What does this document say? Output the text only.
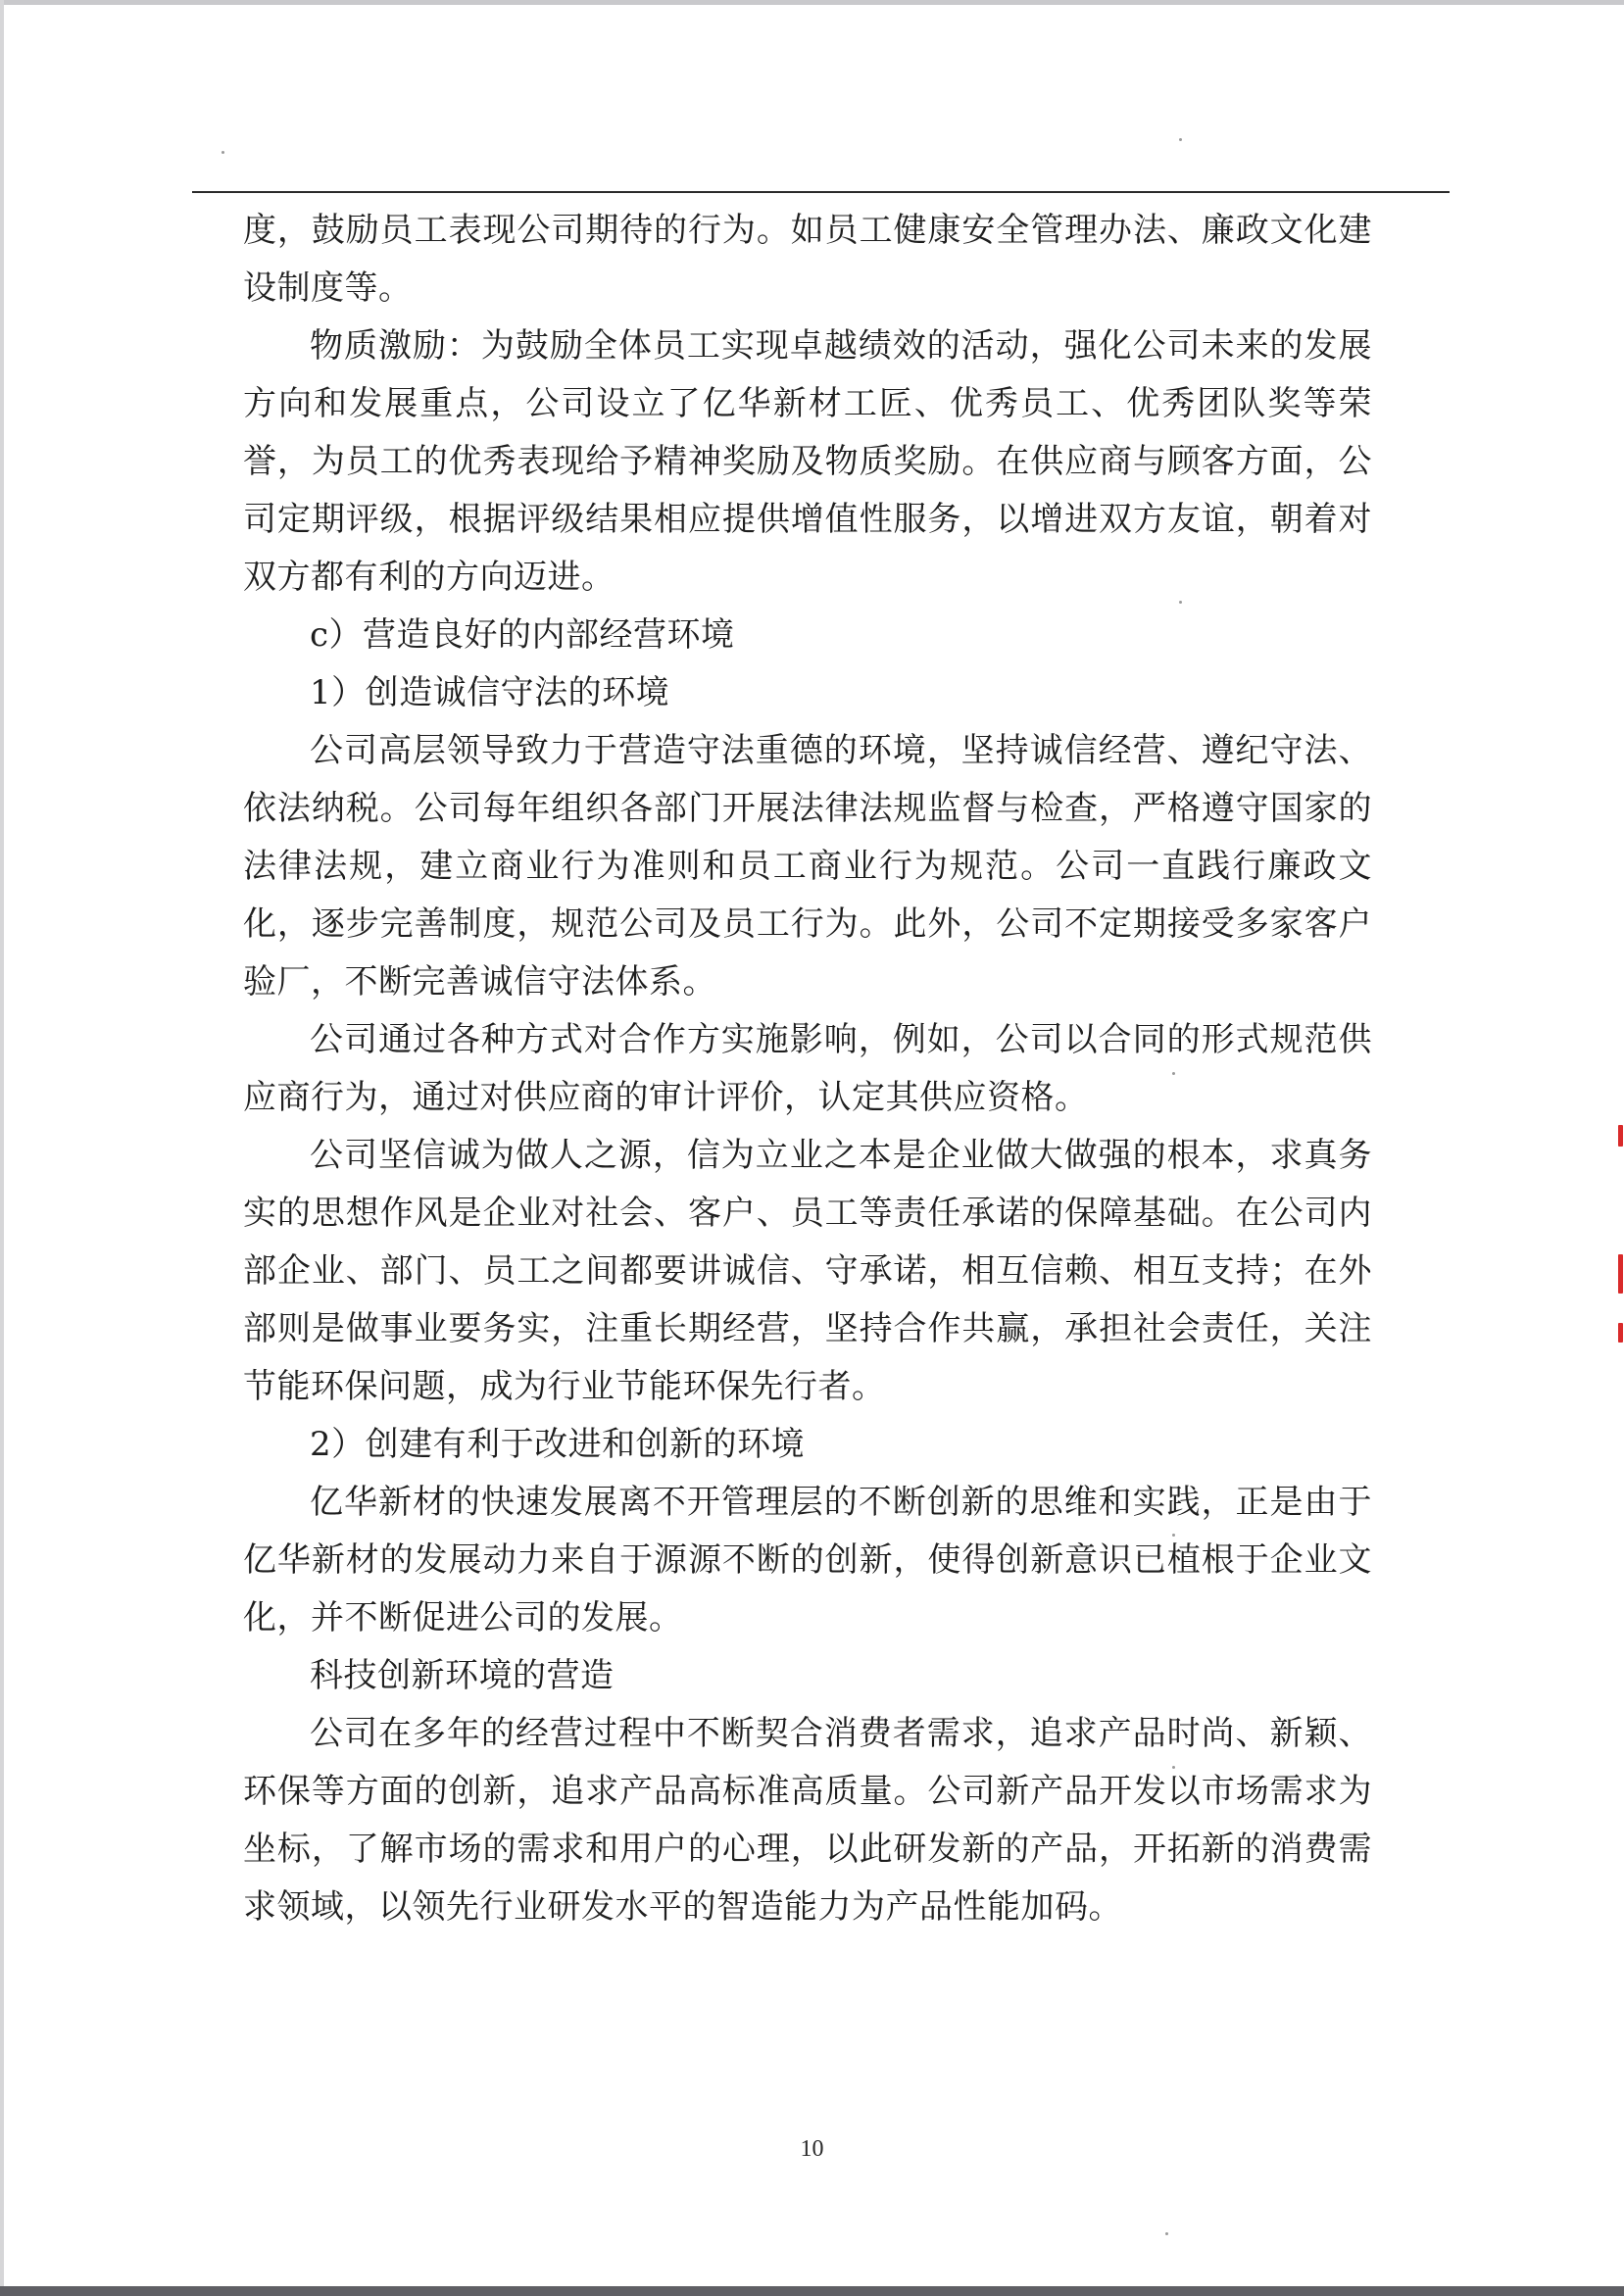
度，鼓励员工表现公司期待的行为。如员工健康安全管理办法、廉政文化建设制度等。

物质激励：为鼓励全体员工实现卓越绩效的活动，强化公司未来的发展方向和发展重点，公司设立了亿华新材工匠、优秀员工、优秀团队奖等荣誉，为员工的优秀表现给予精神奖励及物质奖励。在供应商与顾客方面，公司定期评级，根据评级结果相应提供增值性服务，以增进双方友谊，朝着对双方都有利的方向迈进。

c）营造良好的内部经营环境

1）创造诚信守法的环境

公司高层领导致力于营造守法重德的环境，坚持诚信经营、遵纪守法、依法纳税。公司每年组织各部门开展法律法规监督与检查，严格遵守国家的法律法规，建立商业行为准则和员工商业行为规范。公司一直践行廉政文化，逐步完善制度，规范公司及员工行为。此外，公司不定期接受多家客户验厂，不断完善诚信守法体系。

公司通过各种方式对合作方实施影响，例如，公司以合同的形式规范供应商行为，通过对供应商的审计评价，认定其供应资格。

公司坚信诚为做人之源，信为立业之本是企业做大做强的根本，求真务实的思想作风是企业对社会、客户、员工等责任承诺的保障基础。在公司内部企业、部门、员工之间都要讲诚信、守承诺，相互信赖、相互支持；在外部则是做事业要务实，注重长期经营，坚持合作共赢，承担社会责任，关注节能环保问题，成为行业节能环保先行者。

2）创建有利于改进和创新的环境

亿华新材的快速发展离不开管理层的不断创新的思维和实践，正是由于亿华新材的发展动力来自于源源不断的创新，使得创新意识已植根于企业文化，并不断促进公司的发展。

科技创新环境的营造

公司在多年的经营过程中不断契合消费者需求，追求产品时尚、新颖、环保等方面的创新，追求产品高标准高质量。公司新产品开发以市场需求为坐标，了解市场的需求和用户的心理，以此研发新的产品，开拓新的消费需求领域，以领先行业研发水平的智造能力为产品性能加码。

10
